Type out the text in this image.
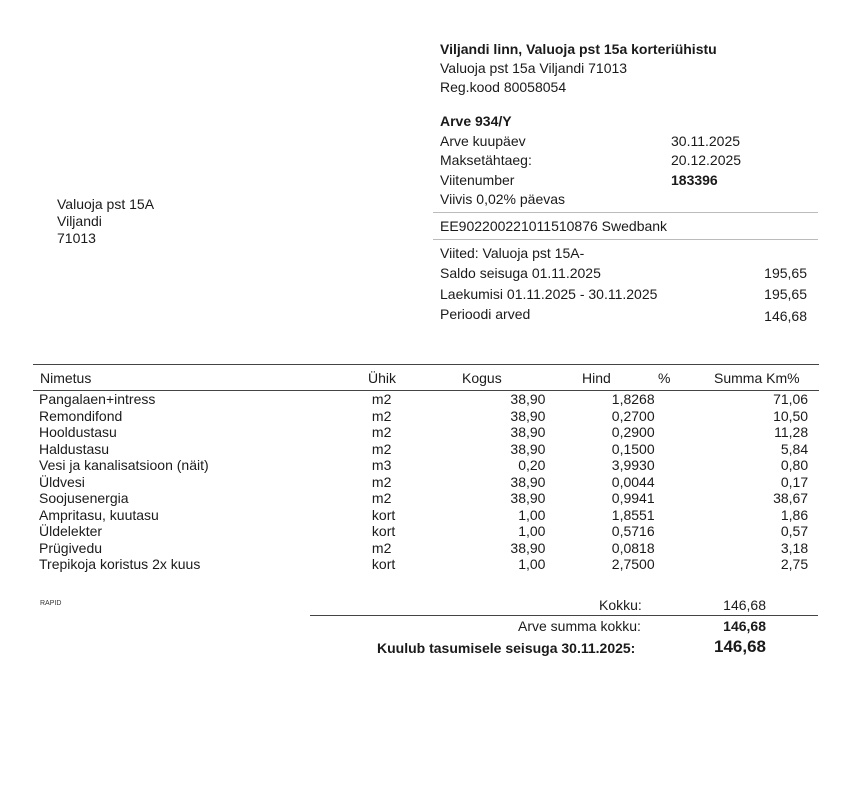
Viljandi linn, Valuoja pst 15a korteriühistu
Valuoja pst 15a Viljandi 71013
Reg.kood 80058054
Arve 934/Y
Arve kuupäev	30.11.2025
Maksetähtaeg:	20.12.2025
Viitenumber	183396
Viivis 0,02% päevas
EE902200221011510876 Swedbank
Viited: Valuoja pst 15A-
Saldo seisuga 01.11.2025	195,65
Laekumisi 01.11.2025 - 30.11.2025	195,65
Perioodi arved	146,68
Valuoja pst 15A
Viljandi
71013
Nimetus	Ühik	Kogus	Hind	%	Summa Km%
Pangalaen+intress	m2	38,90	1,8268		71,06	
Remondifond	m2	38,90	0,2700		10,50	
Hooldustasu	m2	38,90	0,2900		11,28	
Haldustasu	m2	38,90	0,1500		5,84	
Vesi ja kanalisatsioon (näit)	m3	0,20	3,9930		0,80	
Üldvesi	m2	38,90	0,0044		0,17	
Soojusenergia	m2	38,90	0,9941		38,67	
Ampritasu, kuutasu	kort	1,00	1,8551		1,86	
Üldelekter	kort	1,00	0,5716		0,57	
Prügivedu	m2	38,90	0,0818		3,18	
Trepikoja koristus 2x kuus	kort	1,00	2,7500		2,75	
RAPID	Kokku:	146,68
Arve summa kokku:	146,68
Kuulub tasumisele seisuga 30.11.2025:	146,68
